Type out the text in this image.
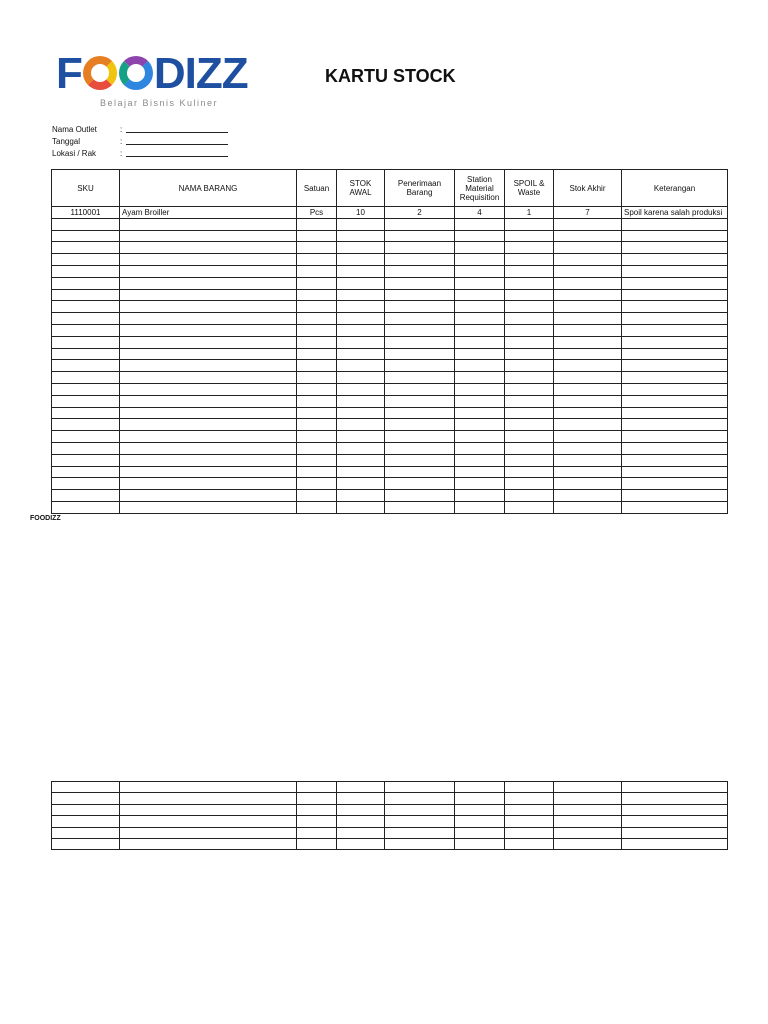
F DIZZ
Belajar Bisnis Kuliner
KARTU STOCK
Nama Outlet	:
Tanggal	:
Lokasi / Rak	:
SKU	NAMA BARANG	Satuan	STOK AWAL	Penerimaan Barang	Station Material Requisition	SPOIL & Waste	Stok Akhir	Keterangan
1110001	Ayam Broiller	Pcs	10	2	4	1	7	Spoil karena salah produksi

FOODIZZ
